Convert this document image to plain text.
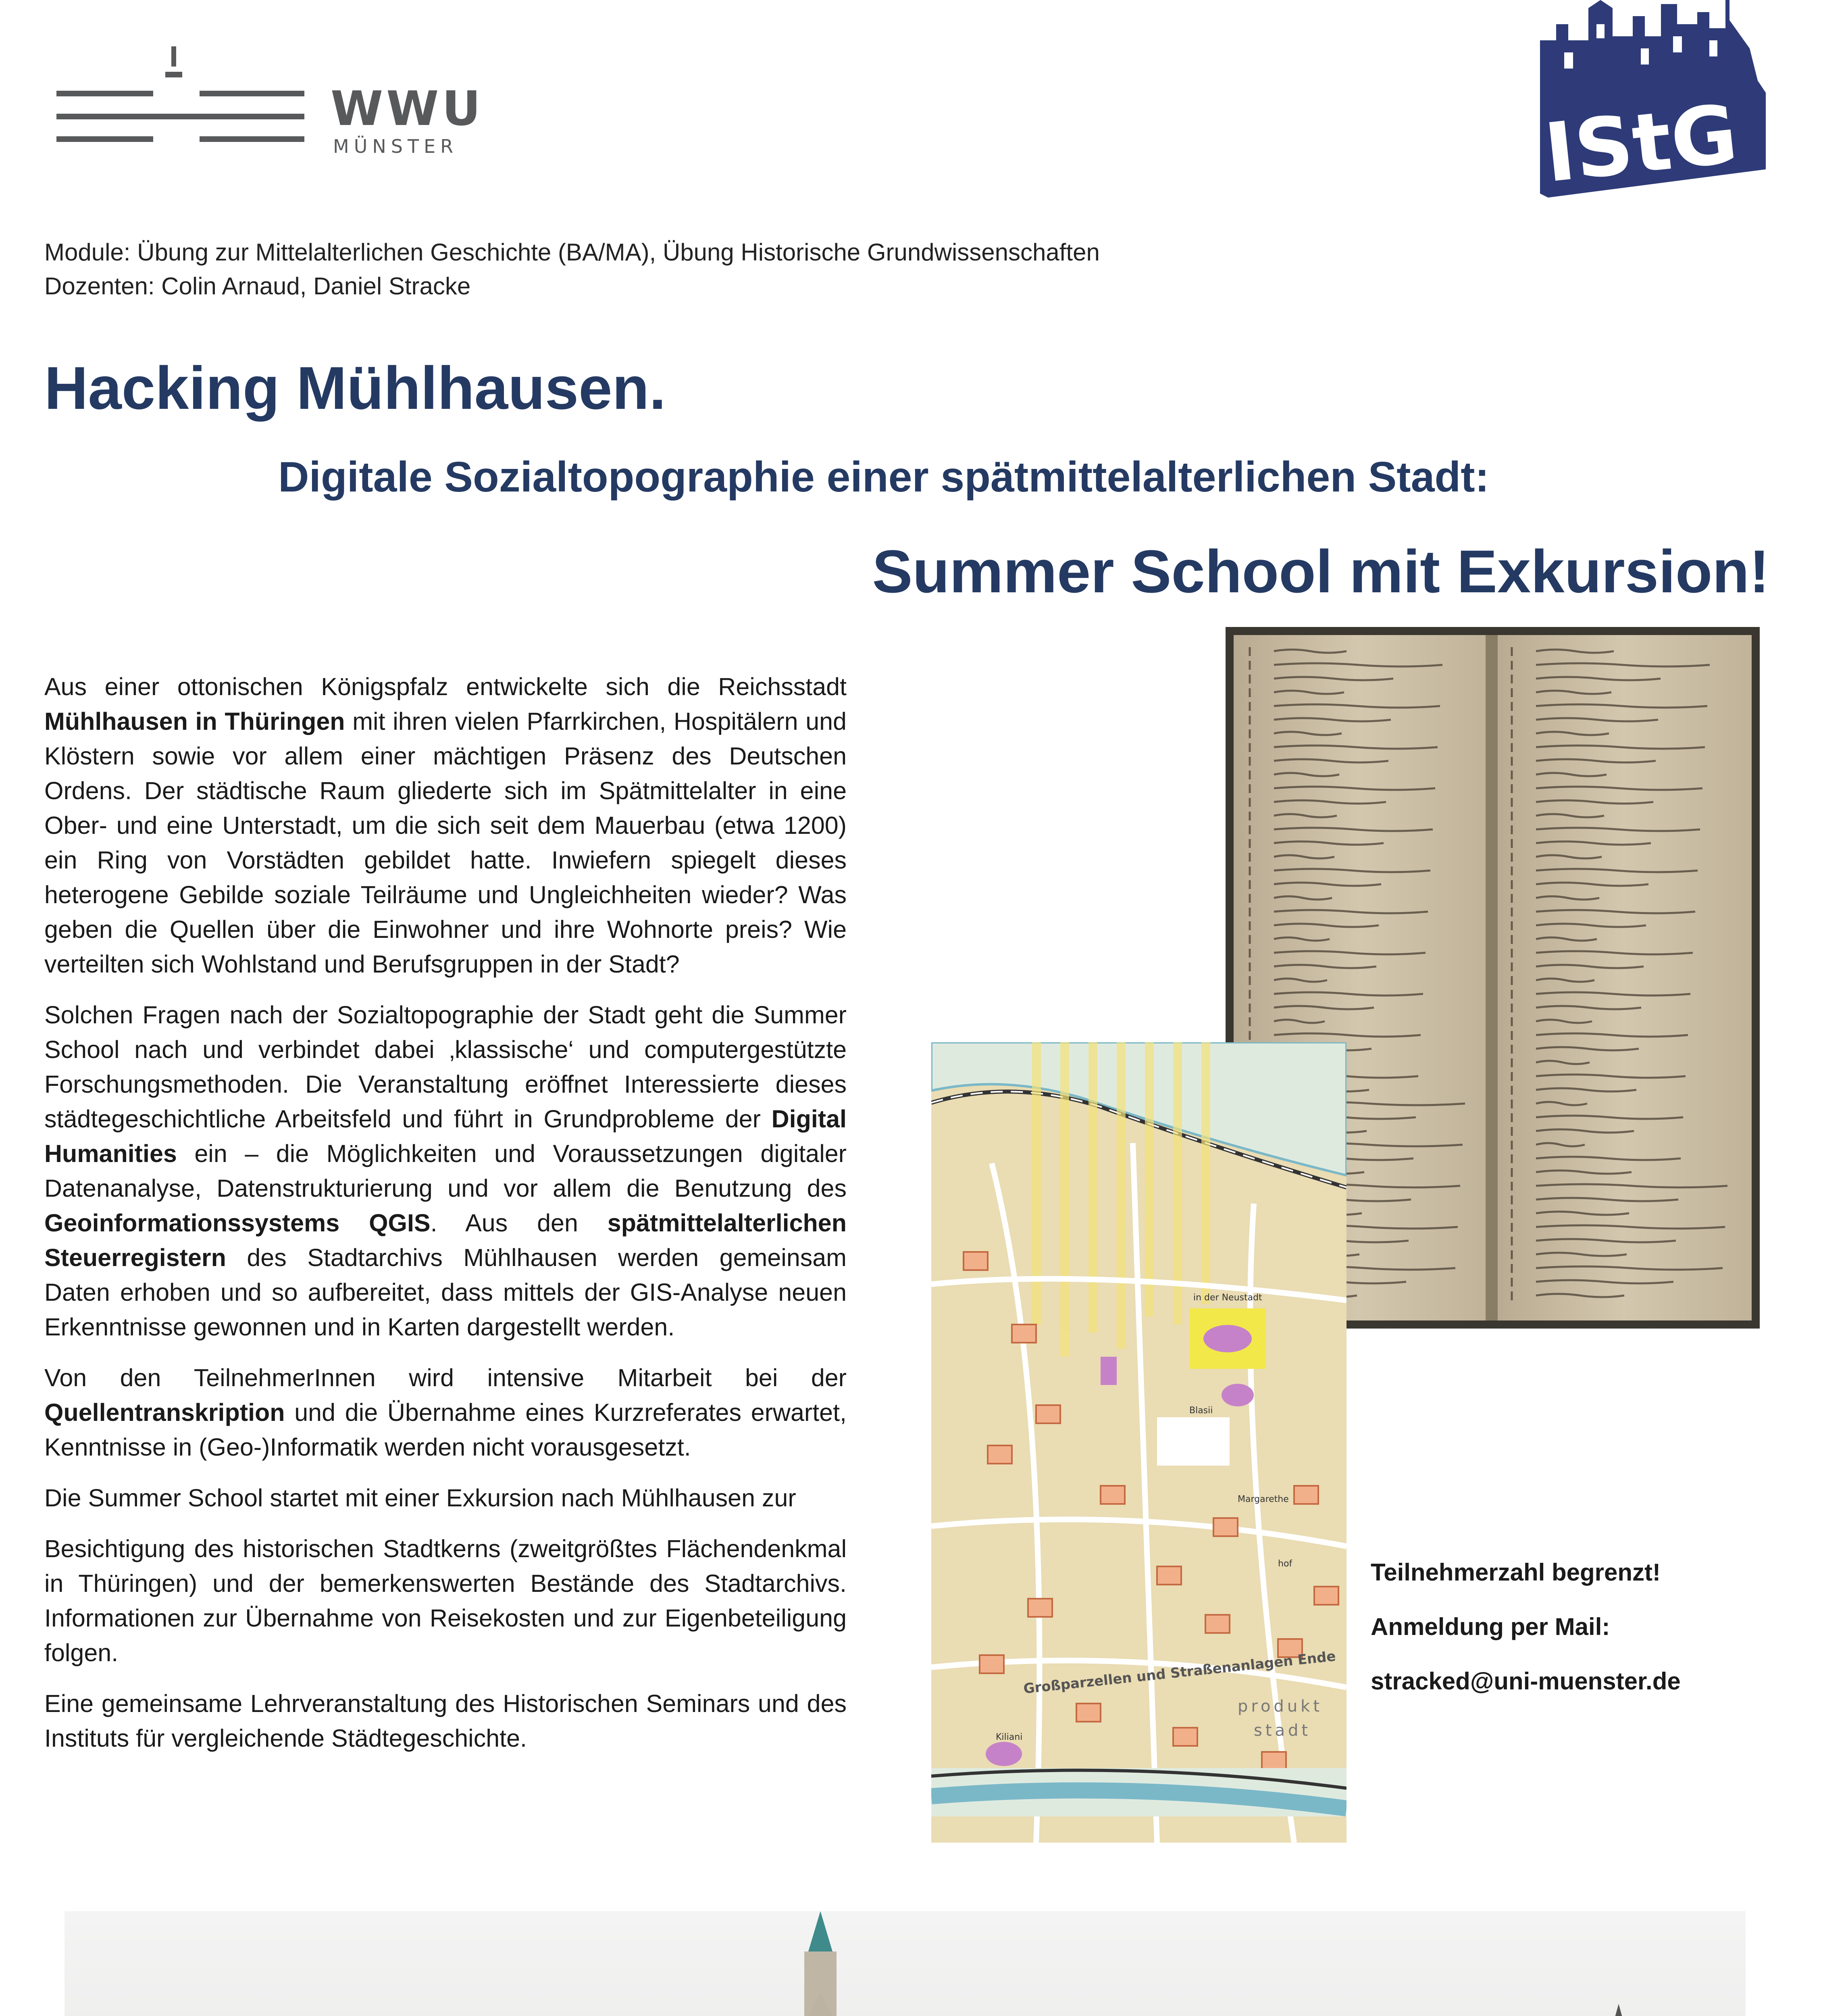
WWU
MÜNSTER	IStG
Module: Übung zur Mittelalterlichen Geschichte (BA/MA), Übung Historische Grundwissenschaften
Dozenten: Colin Arnaud, Daniel Stracke
Hacking Mühlhausen.
Digitale Sozialtopographie einer spätmittelalterlichen Stadt:
Summer School mit Exkursion!

Aus einer ottonischen Königspfalz entwickelte sich die Reichsstadt Mühlhausen in Thüringen mit ihren vielen Pfarrkirchen, Hospitälern und Klöstern sowie vor allem einer mächtigen Präsenz des Deutschen Ordens. Der städtische Raum gliederte sich im Spätmittelalter in eine Ober- und eine Unterstadt, um die sich seit dem Mauerbau (etwa 1200) ein Ring von Vorstädten gebildet hatte. Inwiefern spiegelt dieses heterogene Gebilde soziale Teilräume und Ungleichheiten wieder? Was geben die Quellen über die Einwohner und ihre Wohnorte preis? Wie verteilten sich Wohlstand und Berufsgruppen in der Stadt?

Solchen Fragen nach der Sozialtopographie der Stadt geht die Summer School nach und verbindet dabei ‚klassische‘ und computergestützte Forschungsmethoden. Die Veranstaltung eröffnet Interessierte dieses städtegeschichtliche Arbeitsfeld und führt in Grundprobleme der Digital Humanities ein – die Möglichkeiten und Voraussetzungen digitaler Datenanalyse, Datenstrukturierung und vor allem die Benutzung des Geoinformationssystems QGIS. Aus den spätmittelalterlichen Steuerregistern des Stadtarchivs Mühlhausen werden gemeinsam Daten erhoben und so aufbereitet, dass mittels der GIS-Analyse neuen Erkenntnisse gewonnen und in Karten dargestellt werden.

Von den TeilnehmerInnen wird intensive Mitarbeit bei der Quellentranskription und die Übernahme eines Kurzreferates erwartet, Kenntnisse in (Geo-)Informatik werden nicht vorausgesetzt.

Die Summer School startet mit einer Exkursion nach Mühlhausen zur

Besichtigung des historischen Stadtkerns (zweitgrößtes Flächendenkmal in Thüringen) und der bemerkenswerten Bestände des Stadtarchivs. Informationen zur Übernahme von Reisekosten und zur Eigenbeteiligung folgen.

Eine gemeinsame Lehrveranstaltung des Historischen Seminars und des Instituts für vergleichende Städtegeschichte.

in der Neustadt
Blasii
Kiliani
Margarethe
hof
Großparzellen und Straßenanlagen Ende
produkt
stadt
Teilnehmerzahl begrenzt!
Anmeldung per Mail:
stracked@uni-muenster.de
